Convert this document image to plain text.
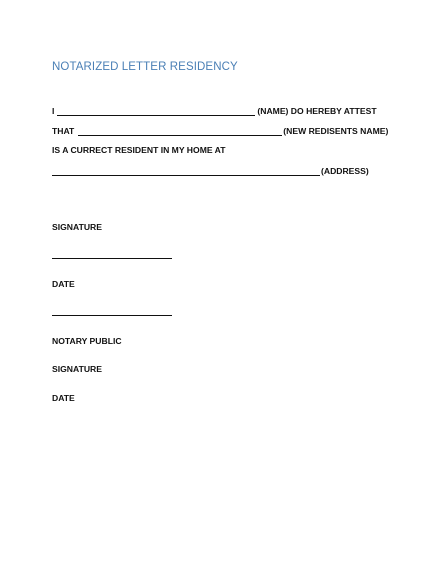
NOTARIZED LETTER RESIDENCY
I	(NAME) DO HEREBY ATTEST
THAT	(NEW REDISENTS NAME)
IS A CURRECT RESIDENT IN MY HOME AT
(ADDRESS)
SIGNATURE
DATE
NOTARY PUBLIC
SIGNATURE
DATE
